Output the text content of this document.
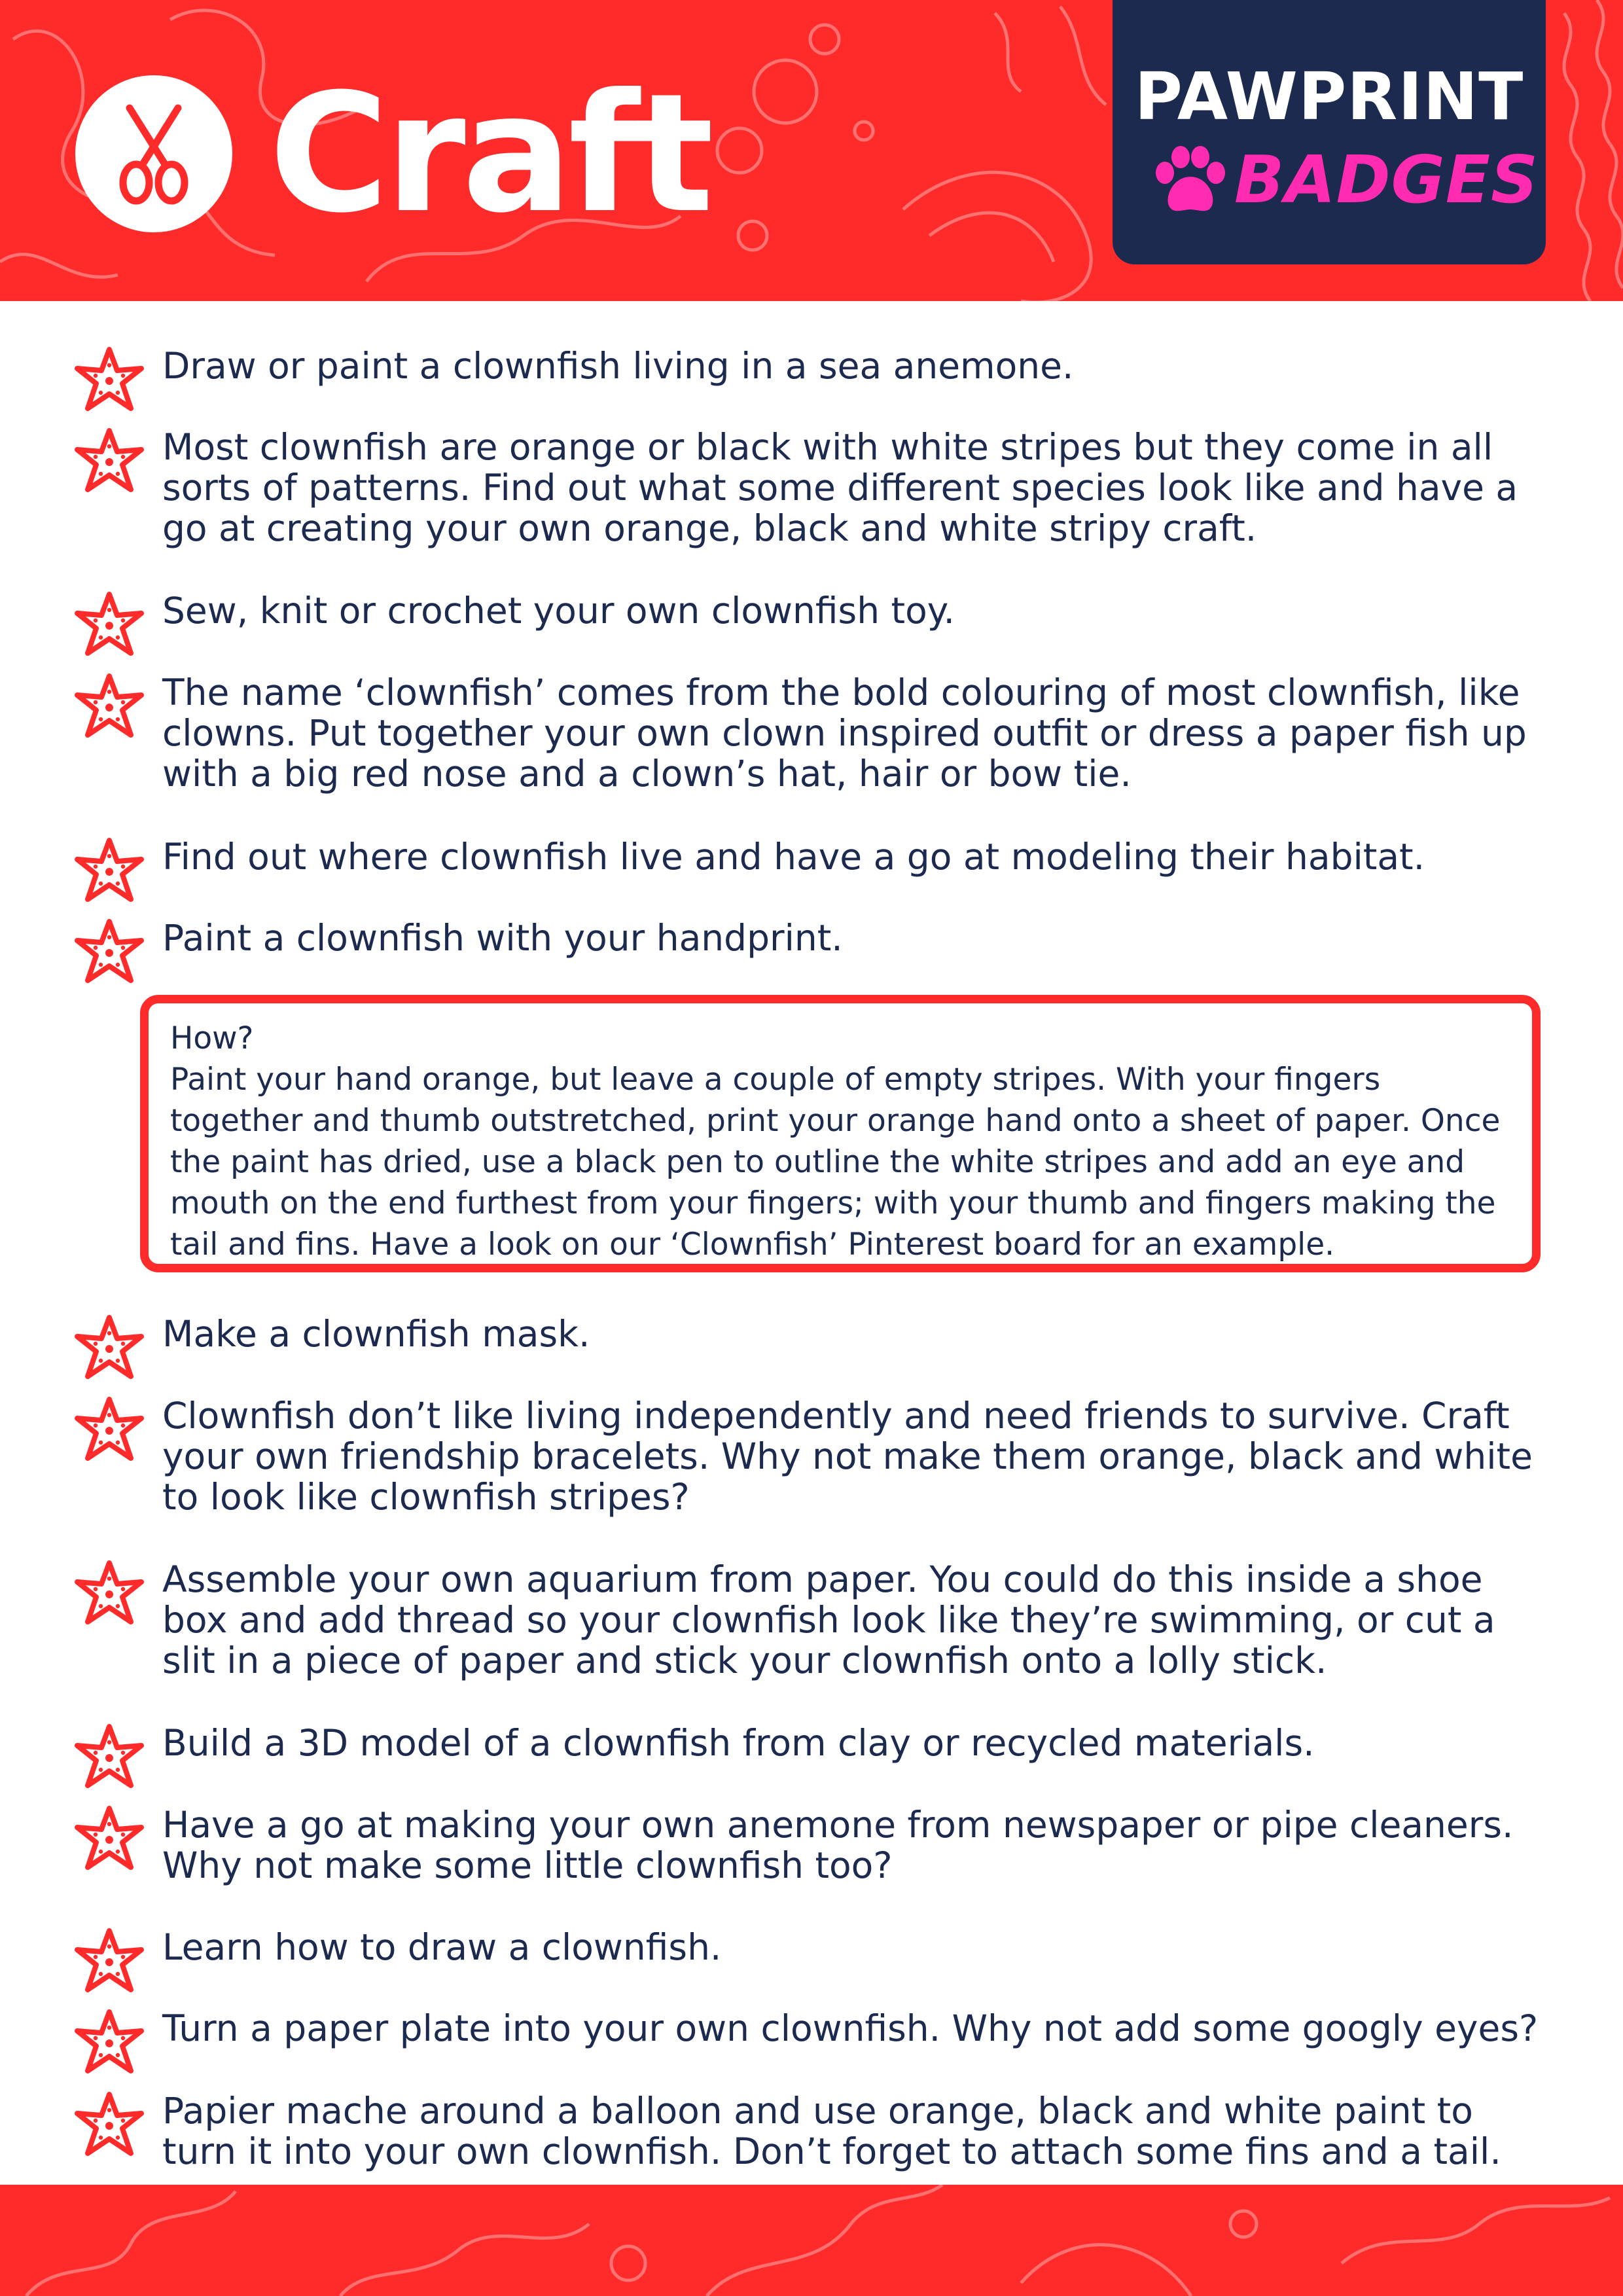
Craft	PAWPRINT
BADGES

Draw or paint a clownfish living in a sea anemone.

Most clownfish are orange or black with white stripes but they come in all sorts of patterns. Find out what some different species look like and have a go at creating your own orange, black and white stripy craft.

Sew, knit or crochet your own clownfish toy.

The name ‘clownfish’ comes from the bold colouring of most clownfish, like clowns. Put together your own clown inspired outfit or dress a paper fish up with a big red nose and a clown’s hat, hair or bow tie.

Find out where clownfish live and have a go at modeling their habitat.

Paint a clownfish with your handprint.

How?

Paint your hand orange, but leave a couple of empty stripes. With your fingers together and thumb outstretched, print your orange hand onto a sheet of paper. Once the paint has dried, use a black pen to outline the white stripes and add an eye and mouth on the end furthest from your fingers; with your thumb and fingers making the tail and fins. Have a look on our ‘Clownfish’ Pinterest board for an example.

Make a clownfish mask.

Clownfish don’t like living independently and need friends to survive. Craft your own friendship bracelets. Why not make them orange, black and white to look like clownfish stripes?

Assemble your own aquarium from paper. You could do this inside a shoe box and add thread so your clownfish look like they’re swimming, or cut a slit in a piece of paper and stick your clownfish onto a lolly stick.

Build a 3D model of a clownfish from clay or recycled materials.

Have a go at making your own anemone from newspaper or pipe cleaners. Why not make some little clownfish too?

Learn how to draw a clownfish.

Turn a paper plate into your own clownfish. Why not add some googly eyes?

Papier mache around a balloon and use orange, black and white paint to turn it into your own clownfish. Don’t forget to attach some fins and a tail.
